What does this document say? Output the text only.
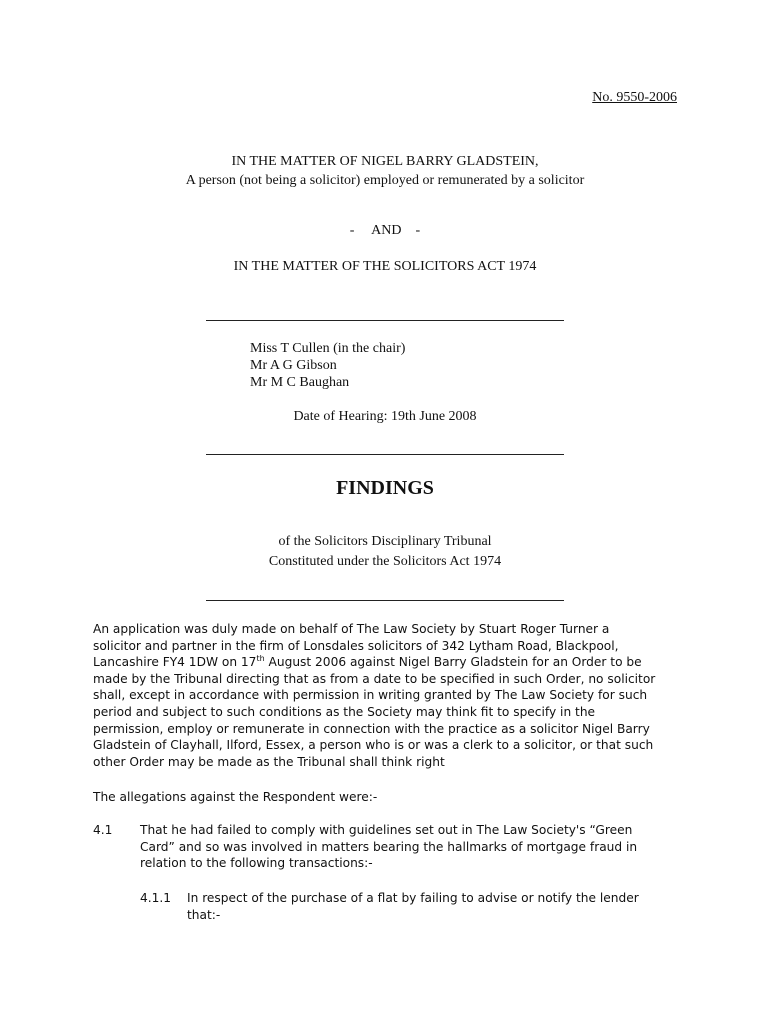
No. 9550-2006
IN THE MATTER OF NIGEL BARRY GLADSTEIN,
A person (not being a solicitor) employed or remunerated by a solicitor
-     AND    -
IN THE MATTER OF THE SOLICITORS ACT 1974
Miss T Cullen (in the chair)
Mr A G Gibson
Mr M C Baughan
Date of Hearing: 19th June 2008
FINDINGS
of the Solicitors Disciplinary Tribunal
Constituted under the Solicitors Act 1974
An application was duly made on behalf of The Law Society by Stuart Roger Turner a
solicitor and partner in the firm of Lonsdales solicitors of 342 Lytham Road, Blackpool,
Lancashire FY4 1DW on 17th August 2006 against Nigel Barry Gladstein for an Order to be
made by the Tribunal directing that as from a date to be specified in such Order, no solicitor
shall, except in accordance with permission in writing granted by The Law Society for such
period and subject to such conditions as the Society may think fit to specify in the
permission, employ or remunerate in connection with the practice as a solicitor Nigel Barry
Gladstein of Clayhall, Ilford, Essex, a person who is or was a clerk to a solicitor, or that such
other Order may be made as the Tribunal shall think right
The allegations against the Respondent were:-
4.1 That he had failed to comply with guidelines set out in The Law Society's “Green
Card” and so was involved in matters bearing the hallmarks of mortgage fraud in
relation to the following transactions:-
4.1.1 In respect of the purchase of a flat by failing to advise or notify the lender
that:-
